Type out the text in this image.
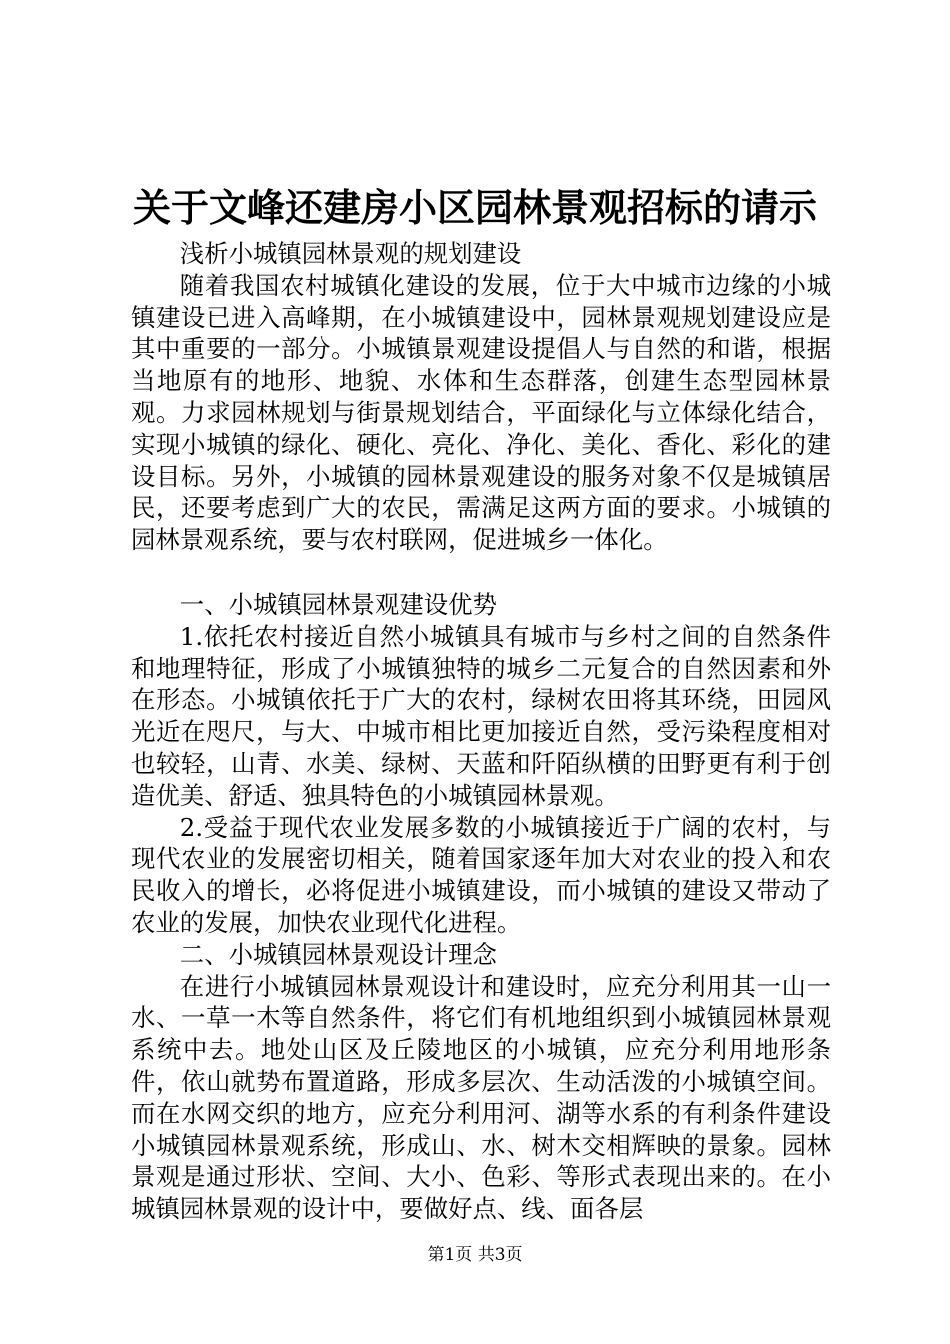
关于文峰还建房小区园林景观招标的请示

浅析小城镇园林景观的规划建设

随着我国农村城镇化建设的发展，位于大中城市边缘的小城镇建设已进入高峰期，在小城镇建设中，园林景观规划建设应是其中重要的一部分。小城镇景观建设提倡人与自然的和谐，根据当地原有的地形、地貌、水体和生态群落，创建生态型园林景观。力求园林规划与街景规划结合，平面绿化与立体绿化结合，实现小城镇的绿化、硬化、亮化、净化、美化、香化、彩化的建设目标。另外，小城镇的园林景观建设的服务对象不仅是城镇居民，还要考虑到广大的农民，需满足这两方面的要求。小城镇的园林景观系统，要与农村联网，促进城乡一体化。

一、小城镇园林景观建设优势

1.依托农村接近自然小城镇具有城市与乡村之间的自然条件和地理特征，形成了小城镇独特的城乡二元复合的自然因素和外在形态。小城镇依托于广大的农村，绿树农田将其环绕，田园风光近在咫尺，与大、中城市相比更加接近自然，受污染程度相对也较轻，山青、水美、绿树、天蓝和阡陌纵横的田野更有利于创造优美、舒适、独具特色的小城镇园林景观。

2.受益于现代农业发展多数的小城镇接近于广阔的农村，与现代农业的发展密切相关，随着国家逐年加大对农业的投入和农民收入的增长，必将促进小城镇建设，而小城镇的建设又带动了农业的发展，加快农业现代化进程。

二、小城镇园林景观设计理念

在进行小城镇园林景观设计和建设时，应充分利用其一山一水、一草一木等自然条件，将它们有机地组织到小城镇园林景观系统中去。地处山区及丘陵地区的小城镇，应充分利用地形条件，依山就势布置道路，形成多层次、生动活泼的小城镇空间。而在水网交织的地方，应充分利用河、湖等水系的有利条件建设小城镇园林景观系统，形成山、水、树木交相辉映的景象。园林景观是通过形状、空间、大小、色彩、等形式表现出来的。在小城镇园林景观的设计中，要做好点、线、面各层

第1页 共3页
